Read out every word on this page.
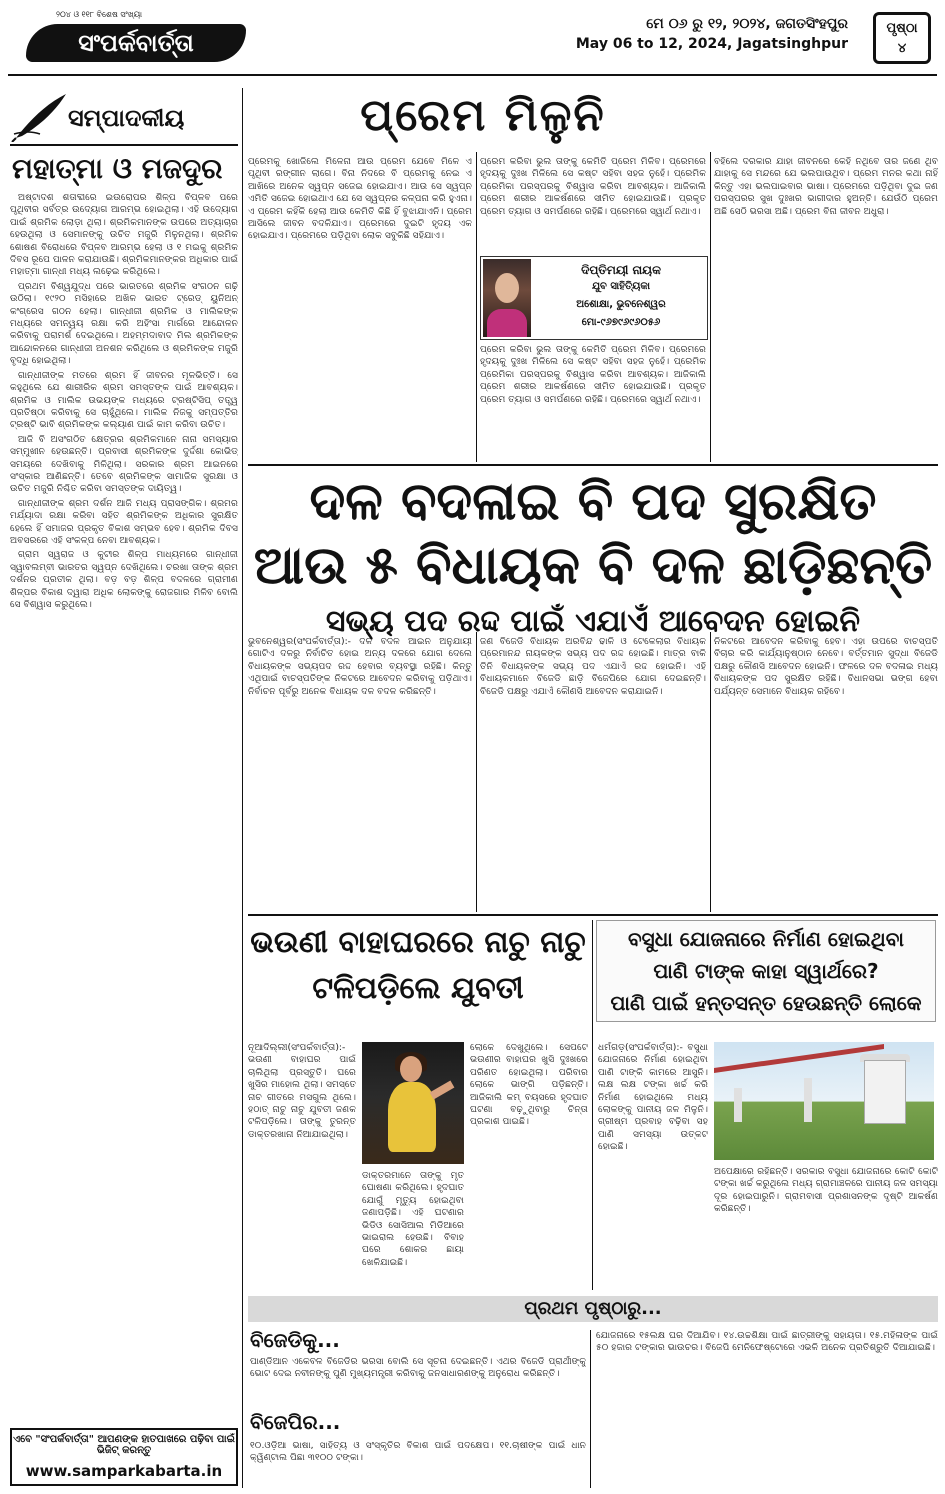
୨୦୪ ଓ ୧୧୮ ବିଶେଷ ସଂଖ୍ୟା
ସଂପର୍କବାର୍ତ୍ତା
ମେ ୦୬ ରୁ ୧୨, ୨୦୨୪, ଜଗତସିଂହପୁର
May 06 to 12, 2024, Jagatsinghpur
ପୃଷ୍ଠା
୪
ସମ୍ପାଦକୀୟ
ମହାତ୍ମା ଓ ମଜଦୁର

ଅଷ୍ଟାଦଶ ଶତାବ୍ଦୀରେ ଇଉରୋପର ଶିଳ୍ପ ବିପ୍ଳବ ପରେ ପୃଥିବୀର ସର୍ବତ୍ର ଉଦ୍ୟୋଗ ଆରମ୍ଭ ହୋଇଥିଲା। ଏହି ଉଦ୍ୟୋଗ ପାଇଁ ଶ୍ରମିକ ଲୋଡ଼ା ଥିଲା। ଶ୍ରମିକମାନଙ୍କ ଉପରେ ଅତ୍ୟାଚାର ହେଉଥିଲା ଓ ସେମାନଙ୍କୁ ଉଚିତ ମଜୁରି ମିଳୁନଥିଲା। ଶ୍ରମିକ ଶୋଷଣ ବିରୋଧରେ ବିପ୍ଳବ ଆରମ୍ଭ ହେଲା ଓ ୧ ମଇକୁ ଶ୍ରମିକ ଦିବସ ରୂପେ ପାଳନ କରାଯାଉଛି। ଶ୍ରମିକମାନଙ୍କର ଅଧିକାର ପାଇଁ ମହାତ୍ମା ଗାନ୍ଧୀ ମଧ୍ୟ ଲଢ଼େଇ କରିଥିଲେ।

ପ୍ରଥମ ବିଶ୍ୱଯୁଦ୍ଧ ପରେ ଭାରତରେ ଶ୍ରମିକ ସଂଗଠନ ଗଢ଼ି ଉଠିଲା। ୧୯୨୦ ମସିହାରେ ଅଖିଳ ଭାରତ ଟ୍ରେଡ୍ ୟୁନିଅନ୍ କଂଗ୍ରେସ ଗଠନ ହେଲା। ଗାନ୍ଧୀଜୀ ଶ୍ରମିକ ଓ ମାଲିକଙ୍କ ମଧ୍ୟରେ ସମନ୍ୱୟ ରକ୍ଷା କରି ଅହିଂସା ମାର୍ଗରେ ଆନ୍ଦୋଳନ କରିବାକୁ ପରାମର୍ଶ ଦେଇଥିଲେ। ଅହମ୍ମଦାବାଦ ମିଲ ଶ୍ରମିକଙ୍କ ଆନ୍ଦୋଳନରେ ଗାନ୍ଧୀଜୀ ଅନଶନ କରିଥିଲେ ଓ ଶ୍ରମିକଙ୍କ ମଜୁରି ବୃଦ୍ଧି ହୋଇଥିଲା।

ଗାନ୍ଧୀଜୀଙ୍କ ମତରେ ଶ୍ରମ ହିଁ ଜୀବନର ମୂଳଭିତ୍ତି। ସେ କହୁଥିଲେ ଯେ ଶାରୀରିକ ଶ୍ରମ ସମସ୍ତଙ୍କ ପାଇଁ ଆବଶ୍ୟକ। ଶ୍ରମିକ ଓ ମାଲିକ ଉଭୟଙ୍କ ମଧ୍ୟରେ ଟ୍ରଷ୍ଟିସିପ୍ ତତ୍ତ୍ୱ ପ୍ରତିଷ୍ଠା କରିବାକୁ ସେ ଚାହୁଁଥିଲେ। ମାଲିକ ନିଜକୁ ସମ୍ପତ୍ତିର ଟ୍ରଷ୍ଟି ଭାବି ଶ୍ରମିକଙ୍କ କଲ୍ୟାଣ ପାଇଁ କାମ କରିବା ଉଚିତ।

ଆଜି ବି ଅସଂଗଠିତ କ୍ଷେତ୍ରର ଶ୍ରମିକମାନେ ନାନା ସମସ୍ୟାର ସମ୍ମୁଖୀନ ହେଉଛନ୍ତି। ପ୍ରବାସୀ ଶ୍ରମିକଙ୍କ ଦୁର୍ଦ୍ଦଶା କୋଭିଡ୍ ସମୟରେ ଦେଖିବାକୁ ମିଳିଥିଲା। ସରକାର ଶ୍ରମ ଆଇନରେ ସଂସ୍କାର ଆଣିଛନ୍ତି। ତେବେ ଶ୍ରମିକଙ୍କ ସାମାଜିକ ସୁରକ୍ଷା ଓ ଉଚିତ ମଜୁରି ନିଶ୍ଚିତ କରିବା ସମସ୍ତଙ୍କ ଦାୟିତ୍ୱ।

ଗାନ୍ଧୀଜୀଙ୍କ ଶ୍ରମ ଦର୍ଶନ ଆଜି ମଧ୍ୟ ପ୍ରାସଙ୍ଗିକ। ଶ୍ରମର ମର୍ଯ୍ୟାଦା ରକ୍ଷା କରିବା ସହିତ ଶ୍ରମିକଙ୍କ ଅଧିକାର ସୁରକ୍ଷିତ ହେଲେ ହିଁ ସମାଜର ପ୍ରକୃତ ବିକାଶ ସମ୍ଭବ ହେବ। ଶ୍ରମିକ ଦିବସ ଅବସରରେ ଏହି ସଂକଳ୍ପ ନେବା ଆବଶ୍ୟକ।

ଗ୍ରାମ ସ୍ୱରାଜ ଓ କୁଟୀର ଶିଳ୍ପ ମାଧ୍ୟମରେ ଗାନ୍ଧୀଜୀ ସ୍ୱାବଲମ୍ବୀ ଭାରତର ସ୍ୱପ୍ନ ଦେଖିଥିଲେ। ଚରଖା ତାଙ୍କ ଶ୍ରମ ଦର୍ଶନର ପ୍ରତୀକ ଥିଲା। ବଡ଼ ବଡ଼ ଶିଳ୍ପ ବଦଳରେ ଗ୍ରାମୀଣ ଶିଳ୍ପର ବିକାଶ ଦ୍ୱାରା ଅଧିକ ଲୋକଙ୍କୁ ରୋଜଗାର ମିଳିବ ବୋଲି ସେ ବିଶ୍ୱାସ କରୁଥିଲେ।

ଏବେ "ସଂପର୍କବାର୍ତ୍ତା" ଆପଣଙ୍କ ହାତପାଖରେ ପଢ଼ିବା ପାଇଁ ଭିଜିଟ୍ କରନ୍ତୁ
www.samparkabarta.in
ପ୍ରେମ ମିଳୁନି
ପ୍ରେମକୁ ଖୋଜିଲେ ମିଳେନା ଆଉ ପ୍ରେମ ଯେବେ ମିଳେ ଏ ପୃଥିବୀ ରଙ୍ଗୀନ ଲାଗେ। ବିନା ନିଦରେ ବି ପ୍ରେମକୁ ନେଇ ଏ ଆଖିରେ ଅନେକ ସ୍ୱପ୍ନ ସଜେଇ ହୋଇଯାଏ। ଆଉ ସେ ସ୍ୱପ୍ନ ଏମିତି ସଜେଇ ହୋଇଥାଏ ଯେ ସେ ସ୍ୱପ୍ନର କଳ୍ପନା କରି ହୁଏନା। ଏ ପ୍ରେମ କହିଁକି ହେଲା ଆଉ କେମିତି କିଛି ହିଁ ବୁଝାଯାଏନି। ପ୍ରେମ ଆସିଲେ ଜୀବନ ବଦଳିଯାଏ। ପ୍ରେମରେ ଦୁଇଟି ହୃଦୟ ଏକ ହୋଇଯାଏ। ପ୍ରେମରେ ପଡ଼ିଥିବା ଲୋକ ସବୁକିଛି ସହିଯାଏ।
ପ୍ରେମ କରିବା ଭୁଲ ତାଙ୍କୁ କେମିତି ପ୍ରେମ ମିଳିବ। ପ୍ରେମରେ ହୃଦୟକୁ ଦୁଃଖ ମିଳିଲେ ସେ କଷ୍ଟ ସହିବା ସହଜ ନୁହେଁ। ପ୍ରେମିକ ପ୍ରେମିକା ପରସ୍ପରକୁ ବିଶ୍ୱାସ କରିବା ଆବଶ୍ୟକ। ଆଜିକାଲି ପ୍ରେମ ଶରୀର ଆକର୍ଷଣରେ ସୀମିତ ହୋଇଯାଉଛି। ପ୍ରକୃତ ପ୍ରେମ ତ୍ୟାଗ ଓ ସମର୍ପଣରେ ରହିଛି। ପ୍ରେମରେ ସ୍ୱାର୍ଥ ନଥାଏ।
ପ୍ରେମ କରିବା ଭୁଲ ତାଙ୍କୁ କେମିତି ପ୍ରେମ ମିଳିବ। ପ୍ରେମରେ ହୃଦୟକୁ ଦୁଃଖ ମିଳିଲେ ସେ କଷ୍ଟ ସହିବା ସହଜ ନୁହେଁ। ପ୍ରେମିକ ପ୍ରେମିକା ପରସ୍ପରକୁ ବିଶ୍ୱାସ କରିବା ଆବଶ୍ୟକ। ଆଜିକାଲି ପ୍ରେମ ଶରୀର ଆକର୍ଷଣରେ ସୀମିତ ହୋଇଯାଉଛି। ପ୍ରକୃତ ପ୍ରେମ ତ୍ୟାଗ ଓ ସମର୍ପଣରେ ରହିଛି। ପ୍ରେମରେ ସ୍ୱାର୍ଥ ନଥାଏ।
ବହିଲେ ଦରକାର ଯାହା ଜୀବନରେ କେହି ନଥିବେ ତାର ଜଣେ ଥିବ ଯାହାକୁ ସେ ମନ୍ଦରେ ଯେ ଭଲପାଉଥିବ। ପ୍ରେମ ମନର କଥା ନାହିଁ କିନ୍ତୁ ଏହା ଭଲପାଇବାର ଭାଷା। ପ୍ରେମରେ ପଡ଼ିଥିବା ଦୁଇ ଜଣ ପରସ୍ପରର ସୁଖ ଦୁଃଖର ଭାଗୀଦାର ହୁଅନ୍ତି। ଯେଉଁଠି ପ୍ରେମ ଅଛି ସେଠି ଭରସା ଅଛି। ପ୍ରେମ ବିନା ଜୀବନ ଅଧୁରା।
ଦିପ୍ତିମୟୀ ନାୟକ
ଯୁବ ସାହିତ୍ୟିକା
ଅଶୋକ୍ଷା, ଭୁବନେଶ୍ୱର
ମୋ-୯୬୭୯୬୯୬୦୫୬
ଦଳ ବଦଳାଇ ବି ପଦ ସୁରକ୍ଷିତ
ଆଉ ୫ ବିଧାୟକ ବି ଦଳ ଛାଡ଼ିଛନ୍ତି
ସଭ୍ୟ ପଦ ରଦ୍ଦ ପାଇଁ ଏଯାଏଁ ଆବେଦନ ହୋଇନି
ଭୁବନେଶ୍ୱର(ସଂପର୍କବାର୍ତ୍ତା):- ଦଳ ବଦଳ ଆଇନ ଅନୁଯାୟୀ ଗୋଟିଏ ଦଳରୁ ନିର୍ବାଚିତ ହୋଇ ଅନ୍ୟ ଦଳରେ ଯୋଗ ଦେଲେ ବିଧାୟକଙ୍କ ସଭ୍ୟପଦ ରଦ୍ଦ ହେବାର ବ୍ୟବସ୍ଥା ରହିଛି। କିନ୍ତୁ ଏଥିପାଇଁ ବାଚସ୍ପତିଙ୍କ ନିକଟରେ ଆବେଦନ କରିବାକୁ ପଡ଼ିଥାଏ। ନିର୍ବାଚନ ପୂର୍ବରୁ ଅନେକ ବିଧାୟକ ଦଳ ବଦଳ କରିଛନ୍ତି।
ଜଣ ବିଜେଡି ବିଧାୟକ ଅରବିନ୍ଦ ଢାଳି ଓ ଟେକେଲାର ବିଧାୟକ ପ୍ରେମାନନ୍ଦ ନାୟକଙ୍କ ସଭ୍ୟ ପଦ ରଦ୍ଦ ହୋଇଛି। ମାତ୍ର ବାକି ତିନି ବିଧାୟକଙ୍କ ସଭ୍ୟ ପଦ ଏଯାଏଁ ରଦ୍ଦ ହୋଇନି। ଏହି ବିଧାୟକମାନେ ବିଜେଡି ଛାଡ଼ି ବିଜେପିରେ ଯୋଗ ଦେଇଛନ୍ତି। ବିଜେଡି ପକ୍ଷରୁ ଏଯାଏଁ କୌଣସି ଆବେଦନ କରାଯାଇନି।
ନିକଟରେ ଆବେଦନ କରିବାକୁ ହେବ। ଏହା ଉପରେ ବାଚସ୍ପତି ବିଚାର କରି କାର୍ଯ୍ୟାନୁଷ୍ଠାନ ନେବେ। ବର୍ତ୍ତମାନ ସୁଦ୍ଧା ବିଜେଡି ପକ୍ଷରୁ କୌଣସି ଆବେଦନ ହୋଇନି। ଫଳରେ ଦଳ ବଦଳାଇ ମଧ୍ୟ ବିଧାୟକଙ୍କ ପଦ ସୁରକ୍ଷିତ ରହିଛି। ବିଧାନସଭା ଭଙ୍ଗ ହେବା ପର୍ଯ୍ୟନ୍ତ ସେମାନେ ବିଧାୟକ ରହିବେ।
ଭଉଣୀ ବାହାଘରରେ ନାଚୁ ନାଚୁ ଟଳିପଡ଼ିଲେ ଯୁବତୀ
ନୂଆଦିଲ୍ଲୀ(ସଂପର୍କବାର୍ତ୍ତା):- ଭଉଣୀ ବାହାଘର ପାଇଁ ଚାଲିଥିଲା ପ୍ରସ୍ତୁତି। ଘରେ ଖୁସିର ମାହୋଲ ଥିଲା। ସମସ୍ତେ ନାଚ ଗୀତରେ ମସଗୁଲ ଥିଲେ। ହଠାତ୍ ନାଚୁ ନାଚୁ ଯୁବତୀ ଜଣକ ଟଳିପଡ଼ିଲେ। ତାଙ୍କୁ ତୁରନ୍ତ ଡାକ୍ତରଖାନା ନିଆଯାଇଥିଲା।
ଡାକ୍ତରମାନେ ତାଙ୍କୁ ମୃତ ଘୋଷଣା କରିଥିଲେ। ହୃଦଘାତ ଯୋଗୁଁ ମୃତ୍ୟୁ ହୋଇଥିବା ଜଣାପଡ଼ିଛି। ଏହି ଘଟଣାର ଭିଡିଓ ସୋସିଆଲ ମିଡିଆରେ ଭାଇରାଲ ହେଉଛି। ବିବାହ ଘରେ ଶୋକର ଛାୟା ଖେଳିଯାଇଛି।
ଲୋକେ ଦେଖୁଥିଲେ। ସେପଟେ ଭଉଣୀର ବାହାଘର ଖୁସି ଦୁଃଖରେ ପରିଣତ ହୋଇଥିଲା। ପରିବାର ଲୋକେ ଭାଙ୍ଗି ପଡ଼ିଛନ୍ତି। ଆଜିକାଲି କମ୍ ବୟସରେ ହୃଦଘାତ ଘଟଣା ବଢ଼ୁଥିବାରୁ ଚିନ୍ତା ପ୍ରକାଶ ପାଇଛି।
ବସୁଧା ଯୋଜନାରେ ନିର୍ମାଣ ହୋଇଥିବା
ପାଣି ଟାଙ୍କ କାହା ସ୍ୱାର୍ଥରେ?
ପାଣି ପାଇଁ ହନ୍ତସନ୍ତ ହେଉଛନ୍ତି ଲୋକେ
ଧର୍ମଗଡ଼(ସଂପର୍କବାର୍ତ୍ତା):- ବସୁଧା ଯୋଜନାରେ ନିର୍ମାଣ ହୋଇଥିବା ପାଣି ଟାଙ୍କି କାମରେ ଆସୁନି। ଲକ୍ଷ ଲକ୍ଷ ଟଙ୍କା ଖର୍ଚ୍ଚ କରି ନିର୍ମାଣ ହୋଇଥିଲେ ମଧ୍ୟ ଲୋକଙ୍କୁ ପାନୀୟ ଜଳ ମିଳୁନି। ଗ୍ରୀଷ୍ମ ପ୍ରବାହ ବଢ଼ିବା ସହ ପାଣି ସମସ୍ୟା ଉତ୍କଟ ହୋଇଛି।
ଅପେକ୍ଷାରେ ରହିଛନ୍ତି। ସରକାର ବସୁଧା ଯୋଜନାରେ କୋଟି କୋଟି ଟଙ୍କା ଖର୍ଚ୍ଚ କରୁଥିଲେ ମଧ୍ୟ ଗ୍ରାମାଞ୍ଚଳରେ ପାନୀୟ ଜଳ ସମସ୍ୟା ଦୂର ହୋଇପାରୁନି। ଗ୍ରାମବାସୀ ପ୍ରଶାସନଙ୍କ ଦୃଷ୍ଟି ଆକର୍ଷଣ କରିଛନ୍ତି।
ପ୍ରଥମ ପୃଷ୍ଠାରୁ...
ବିଜେଡିକୁ...
ପାଣ୍ଡିଆନ ଏକେବଳ ବିଜେଡିର ଭରସା ବୋଲି ସେ ସୂଚନା ଦେଇଛନ୍ତି। ଏଥର ବିଜେଡି ପ୍ରାର୍ଥୀଙ୍କୁ ଭୋଟ ଦେଇ ନବୀନଙ୍କୁ ପୁଣି ମୁଖ୍ୟମନ୍ତ୍ରୀ କରିବାକୁ ଜନସାଧାରଣଙ୍କୁ ଅନୁରୋଧ କରିଛନ୍ତି।
ବିଜେପିର...
୧୦.ଓଡ଼ିଆ ଭାଷା, ସାହିତ୍ୟ ଓ ସଂସ୍କୃତିର ବିକାଶ ପାଇଁ ପଦକ୍ଷେପ। ୧୧.ଚାଷୀଙ୍କ ପାଇଁ ଧାନ କ୍ୱିଣ୍ଟାଲ ପିଛା ୩୧୦୦ ଟଙ୍କା।
ଯୋଜନାରେ ୧୫ଲକ୍ଷ ଘର ଦିଆଯିବ। ୧୪.ଉଚ୍ଚଶିକ୍ଷା ପାଇଁ ଛାତ୍ରୀଙ୍କୁ ସହାୟତା। ୧୫.ମହିଳାଙ୍କ ପାଇଁ ୫୦ ହଜାର ଟଙ୍କାର ଭାଉଚର। ବିଜେପି ମେନିଫେଷ୍ଟୋରେ ଏଭଳି ଅନେକ ପ୍ରତିଶ୍ରୁତି ଦିଆଯାଇଛି।
